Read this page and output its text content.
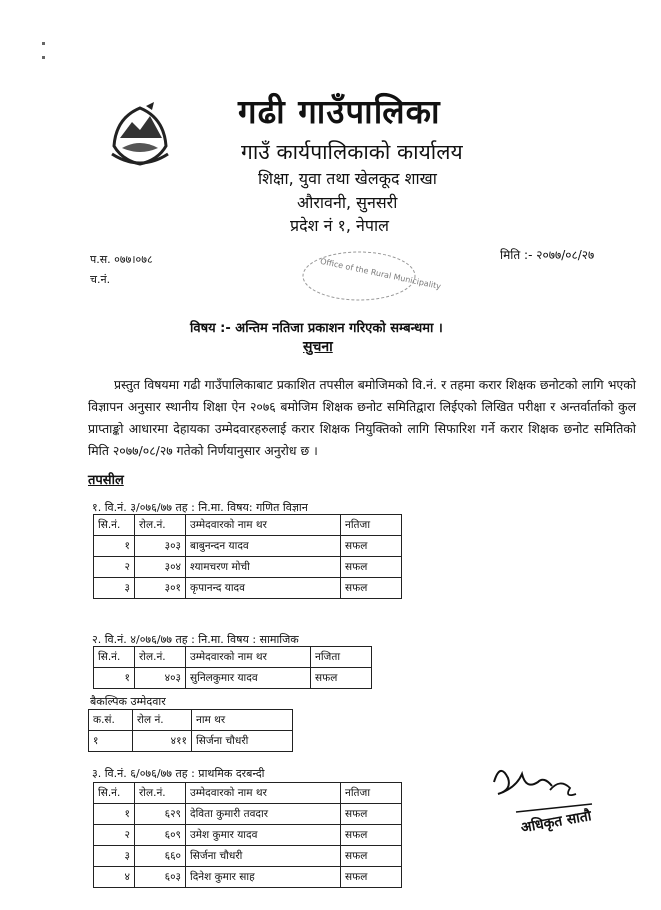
गढी गाउँपालिका
गाउँ कार्यपालिकाको कार्यालय
शिक्षा, युवा तथा खेलकूद शाखा
औरावनी, सुनसरी
प्रदेश नं १, नेपाल
प.स. ०७७।०७८
च.नं.
मिति :- २०७७/०८/२७
Office of the Rural Municipality
विषय :- अन्तिम नतिजा प्रकाशन गरिएको सम्बन्धमा ।
सुचना
प्रस्तुत विषयमा गढी गाउँपालिकाबाट प्रकाशित तपसील बमोजिमको वि.नं. र तहमा करार शिक्षक छनोटको लागि भएको विज्ञापन अनुसार स्थानीय शिक्षा ऐन २०७६ बमोजिम शिक्षक छनोट समितिद्वारा लिईएको लिखित परीक्षा र अन्तर्वार्ताको कुल प्राप्ताङ्को आधारमा देहायका उम्मेदवारहरुलाई करार शिक्षक नियुक्तिको लागि सिफारिश गर्ने करार शिक्षक छनोट समितिको मिति २०७७/०८/२७ गतेको निर्णयानुसार अनुरोध छ ।
तपसील
१. वि.नं. ३/०७६/७७ तह : नि.मा. विषय: गणित विज्ञान
सि.नं.	रोल.नं.	उम्मेदवारको नाम थर	नतिजा
१	३०३	बाबुनन्दन यादव	सफल
२	३०४	श्यामचरण मोची	सफल
३	३०१	कृपानन्द यादव	सफल
२. वि.नं. ४/०७६/७७ तह : नि.मा. विषय : सामाजिक
सि.नं.	रोल.नं.	उम्मेदवारको नाम थर	नजिता
१	४०३	सुनिलकुमार यादव	सफल
बैकल्पिक उम्मेदवार
क.सं.	रोल नं.	नाम थर
१	४११	सिर्जना चौधरी
३. वि.नं. ६/०७६/७७ तह : प्राथमिक दरबन्दी
सि.नं.	रोल.नं.	उम्मेदवारको नाम थर	नतिजा
१	६२९	देविता कुमारी तवदार	सफल
२	६०९	उमेश कुमार यादव	सफल
३	६६०	सिर्जना चौधरी	सफल
४	६०३	दिनेश कुमार साह	सफल
अधिकृत सातौ
